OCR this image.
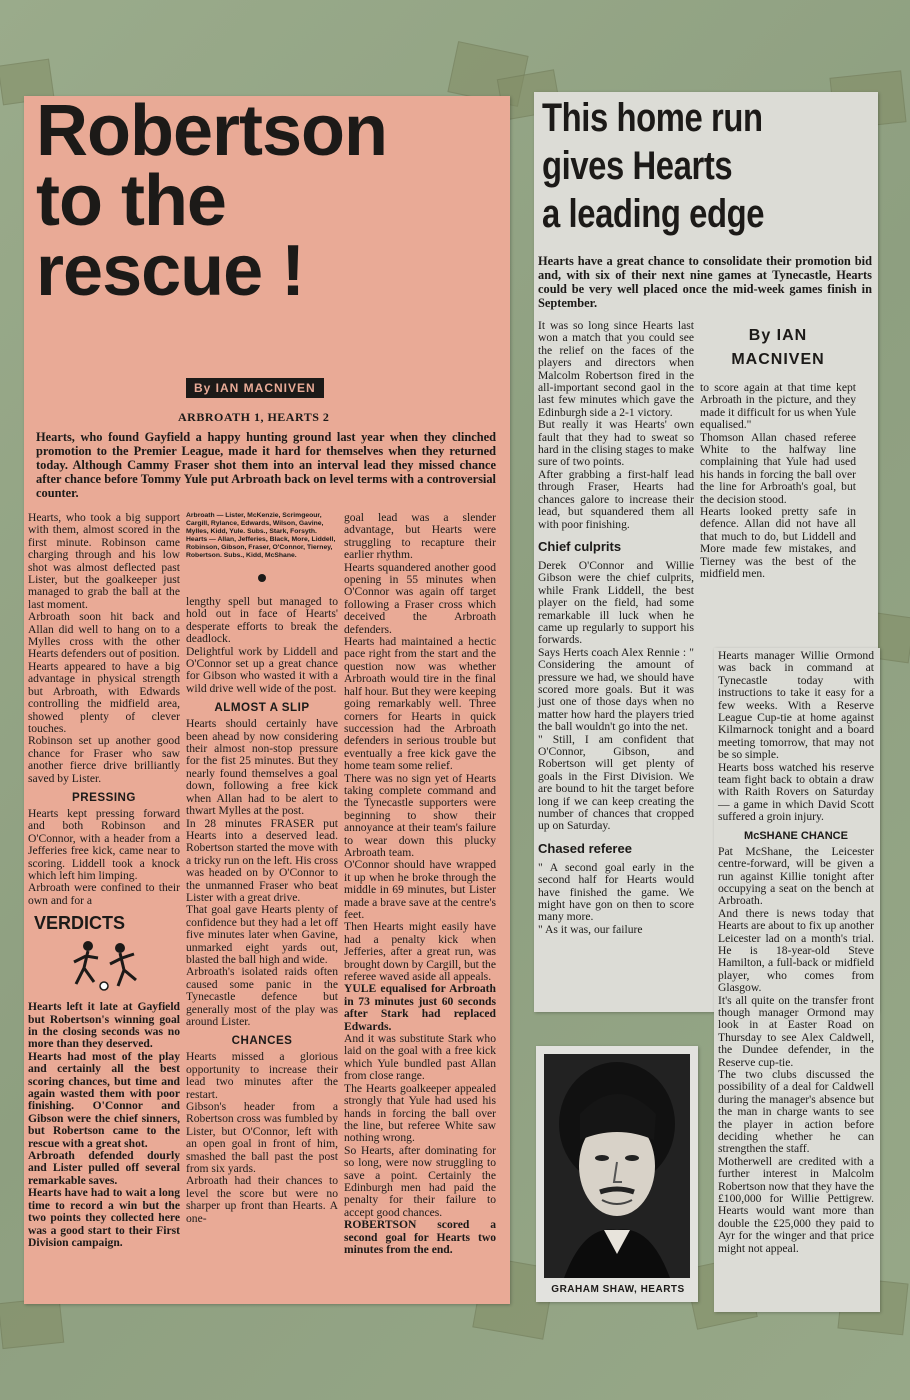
Robertson
to the
rescue !
By IAN MACNIVEN
ARBROATH 1, HEARTS 2

Hearts, who found Gayfield a happy hunting ground last year when they clinched promotion to the Premier League, made it hard for themselves when they returned today. Although Cammy Fraser shot them into an interval lead they missed chance after chance before Tommy Yule put Arbroath back on level terms with a controversial counter.

Hearts, who took a big support with them, almost scored in the first minute. Robinson came charging through and his low shot was almost deflected past Lister, but the goalkeeper just managed to grab the ball at the last moment.

Arbroath soon hit back and Allan did well to hang on to a Mylles cross with the other Hearts defenders out of position.

Hearts appeared to have a big advantage in physical strength but Arbroath, with Edwards controlling the midfield area, showed plenty of clever touches.

Robinson set up another good chance for Fraser who saw another fierce drive brilliantly saved by Lister.

PRESSING

Hearts kept pressing forward and both Robinson and O'Connor, with a header from a Jefferies free kick, came near to scoring. Liddell took a knock which left him limping.

Arbroath were confined to their own and for a

VERDICTS

Hearts left it late at Gayfield but Robertson's winning goal in the closing seconds was no more than they deserved.

Hearts had most of the play and certainly all the best scoring chances, but time and again wasted them with poor finishing. O'Connor and Gibson were the chief sinners, but Robertson came to the rescue with a great shot.

Arbroath defended dourly and Lister pulled off several remarkable saves.

Hearts have had to wait a long time to record a win but the two points they collected here was a good start to their First Division campaign.

Arbroath — Lister, McKenzie, Scrimgeour, Cargill, Rylance, Edwards, Wilson, Gavine, Mylles, Kidd, Yule. Subs., Stark, Forsyth. Hearts — Allan, Jefferies, Black, More, Liddell, Robinson, Gibson, Fraser, O'Connor, Tierney, Robertson. Subs., Kidd, McShane.

lengthy spell but managed to hold out in face of Hearts' desperate efforts to break the deadlock.

Delightful work by Liddell and O'Connor set up a great chance for Gibson who wasted it with a wild drive well wide of the post.

ALMOST A SLIP

Hearts should certainly have been ahead by now considering their almost non-stop pressure for the fist 25 minutes. But they nearly found themselves a goal down, following a free kick when Allan had to be alert to thwart Mylles at the post.

In 28 minutes FRASER put Hearts into a deserved lead. Robertson started the move with a tricky run on the left. His cross was headed on by O'Connor to the unmanned Fraser who beat Lister with a great drive.

That goal gave Hearts plenty of confidence but they had a let off five minutes later when Gavine, unmarked eight yards out, blasted the ball high and wide.

Arbroath's isolated raids often caused some panic in the Tynecastle defence but generally most of the play was around Lister.

CHANCES

Hearts missed a glorious opportunity to increase their lead two minutes after the restart.

Gibson's header from a Robertson cross was fumbled by Lister, but O'Connor, left with an open goal in front of him, smashed the ball past the post from six yards.

Arbroath had their chances to level the score but were no sharper up front than Hearts. A one-

goal lead was a slender advantage, but Hearts were struggling to recapture their earlier rhythm.

Hearts squandered another good opening in 55 minutes when O'Connor was again off target following a Fraser cross which deceived the Arbroath defenders.

Hearts had maintained a hectic pace right from the start and the question now was whether Arbroath would tire in the final half hour. But they were keeping going remarkably well. Three corners for Hearts in quick succession had the Arbroath defenders in serious trouble but eventually a free kick gave the home team some relief.

There was no sign yet of Hearts taking complete command and the Tynecastle supporters were beginning to show their annoyance at their team's failure to wear down this plucky Arbroath team.

O'Connor should have wrapped it up when he broke through the middle in 69 minutes, but Lister made a brave save at the centre's feet.

Then Hearts might easily have had a penalty kick when Jefferies, after a great run, was brought down by Cargill, but the referee waved aside all appeals.

YULE equalised for Arbroath in 73 minutes just 60 seconds after Stark had replaced Edwards.

And it was substitute Stark who laid on the goal with a free kick which Yule bundled past Allan from close range.

The Hearts goalkeeper appealed strongly that Yule had used his hands in forcing the ball over the line, but referee White saw nothing wrong.

So Hearts, after dominating for so long, were now struggling to save a point. Certainly the Edinburgh men had paid the penalty for their failure to accept good chances.

ROBERTSON scored a second goal for Hearts two minutes from the end.

This home run
gives Hearts
a leading edge

Hearts have a great chance to consolidate their promotion bid and, with six of their next nine games at Tynecastle, Hearts could be very well placed once the mid-week games finish in September.

It was so long since Hearts last won a match that you could see the relief on the faces of the players and directors when Malcolm Robertson fired in the all-important second gaol in the last few minutes which gave the Edinburgh side a 2-1 victory.

But really it was Hearts' own fault that they had to sweat so hard in the clising stages to make sure of two points.

After grabbing a first-half lead through Fraser, Hearts had chances galore to increase their lead, but squandered them all with poor finishing.

Chief culprits

Derek O'Connor and Willie Gibson were the chief culprits, while Frank Liddell, the best player on the field, had some remarkable ill luck when he came up regularly to support his forwards.

Says Herts coach Alex Rennie : " Considering the amount of pressure we had, we should have scored more goals. But it was just one of those days when no matter how hard the players tried the ball wouldn't go into the net.

" Still, I am confident that O'Connor, Gibson, and Robertson will get plenty of goals in the First Division. We are bound to hit the target before long if we can keep creating the number of chances that cropped up on Saturday.

Chased referee

" A second goal early in the second half for Hearts would have finished the game. We might have gon on then to score many more.

" As it was, our failure

By IAN

MACNIVEN

to score again at that time kept Arbroath in the picture, and they made it difficult for us when Yule equalised."

Thomson Allan chased referee White to the halfway line complaining that Yule had used his hands in forcing the ball over the line for Arbroath's goal, but the decision stood.

Hearts looked pretty safe in defence. Allan did not have all that much to do, but Liddell and More made few mistakes, and Tierney was the best of the midfield men.

Hearts manager Willie Ormond was back in command at Tynecastle today with instructions to take it easy for a few weeks. With a Reserve League Cup-tie at home against Kilmarnock tonight and a board meeting tomorrow, that may not be so simple.

Hearts boss watched his reserve team fight back to obtain a draw with Raith Rovers on Saturday — a game in which David Scott suffered a groin injury.

McSHANE CHANCE

Pat McShane, the Leicester centre-forward, will be given a run against Killie tonight after occupying a seat on the bench at Arbroath.

And there is news today that Hearts are about to fix up another Leicester lad on a month's trial. He is 18-year-old Steve Hamilton, a full-back or midfield player, who comes from Glasgow.

It's all quite on the transfer front though manager Ormond may look in at Easter Road on Thursday to see Alex Caldwell, the Dundee defender, in the Reserve cup-tie.

The two clubs discussed the possibility of a deal for Caldwell during the manager's absence but the man in charge wants to see the player in action before deciding whether he can strengthen the staff.

Motherwell are credited with a further interest in Malcolm Robertson now that they have the £100,000 for Willie Pettigrew. Hearts would want more than double the £25,000 they paid to Ayr for the winger and that price might not appeal.

GRAHAM SHAW, HEARTS
